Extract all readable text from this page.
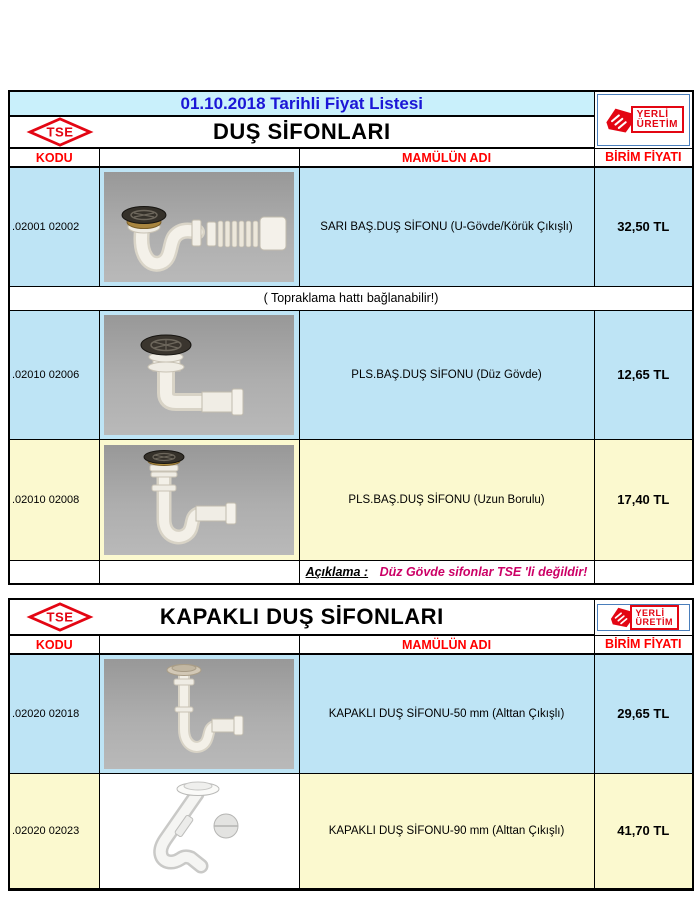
01.10.2018 Tarihli Fiyat Listesi			YERLİ
ÜRETİM

TSE DUŞ SİFONLARI			
KODU		MAMÜLÜN ADI	BİRİM FİYATI
.02001 02002		SARI BAŞ.DUŞ SİFONU (U-Gövde/Körük Çıkışlı)	32,50 TL
( Topraklama hattı bağlanabilir!)			
.02010 02006		PLS.BAŞ.DUŞ SİFONU (Düz Gövde)	12,65 TL
.02010 02008		PLS.BAŞ.DUŞ SİFONU (Uzun Borulu)	17,40 TL
		Açıklama : Düz Gövde sifonlar TSE 'li değildir!	
TSE KAPAKLI DUŞ SİFONLARI			YERLİ
ÜRETİM

KODU		MAMÜLÜN ADI	BİRİM FİYATI
.02020 02018		KAPAKLI DUŞ SİFONU-50 mm (Alttan Çıkışlı)	29,65 TL
.02020 02023		KAPAKLI DUŞ SİFONU-90 mm (Alttan Çıkışlı)	41,70 TL
